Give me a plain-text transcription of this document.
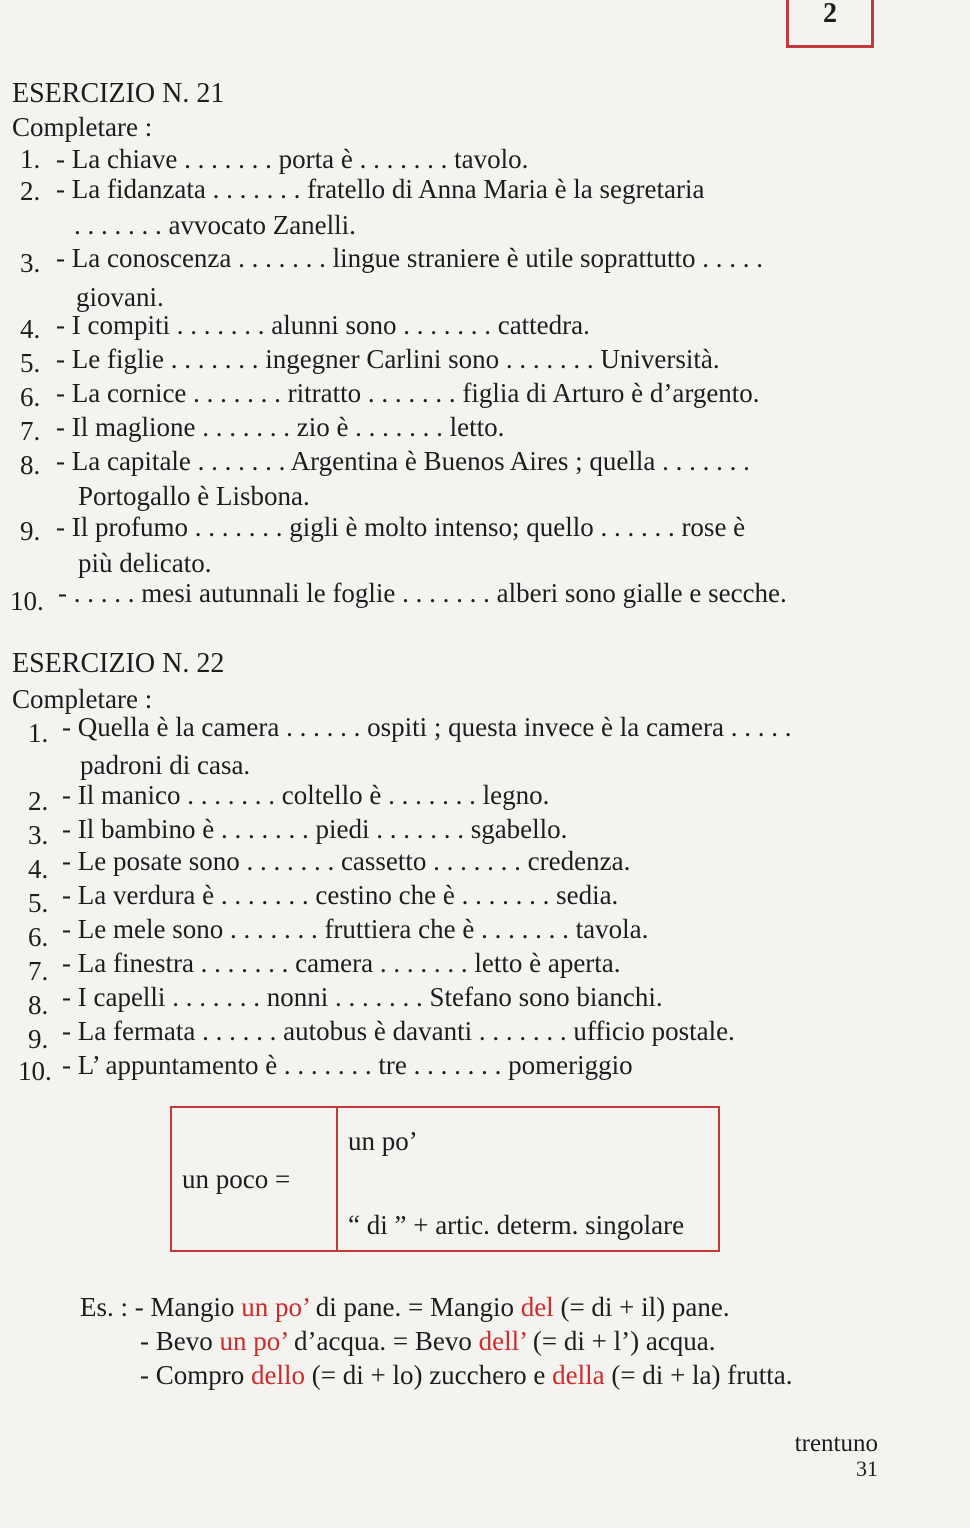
2
ESERCIZIO N. 21
Completare :
1. - La chiave . . . . . . . porta è . . . . . . . tavolo.
2. - La fidanzata . . . . . . . fratello di Anna Maria è la segretaria
. . . . . . . avvocato Zanelli.
3. - La conoscenza . . . . . . . lingue straniere è utile soprattutto . . . . .
giovani.
4. - I compiti . . . . . . . alunni sono . . . . . . . cattedra.
5. - Le figlie . . . . . . . ingegner Carlini sono . . . . . . . Università.
6. - La cornice . . . . . . . ritratto . . . . . . . figlia di Arturo è d’argento.
7. - Il maglione . . . . . . . zio è . . . . . . . letto.
8. - La capitale . . . . . . . Argentina è Buenos Aires ; quella . . . . . . .
Portogallo è Lisbona.
9. - Il profumo . . . . . . . gigli è molto intenso; quello . . . . . . rose è
più delicato.
10. - . . . . . mesi autunnali le foglie . . . . . . . alberi sono gialle e secche.
ESERCIZIO N. 22
Completare :
1. - Quella è la camera . . . . . . ospiti ; questa invece è la camera . . . . .
padroni di casa.
2. - Il manico . . . . . . . coltello è . . . . . . . legno.
3. - Il bambino è . . . . . . . piedi . . . . . . . sgabello.
4. - Le posate sono . . . . . . . cassetto . . . . . . . credenza.
5. - La verdura è . . . . . . . cestino che è . . . . . . . sedia.
6. - Le mele sono . . . . . . . fruttiera che è . . . . . . . tavola.
7. - La finestra . . . . . . . camera . . . . . . . letto è aperta.
8. - I capelli . . . . . . . nonni . . . . . . . Stefano sono bianchi.
9. - La fermata . . . . . . autobus è davanti . . . . . . . ufficio postale.
10. - L’ appuntamento è . . . . . . . tre . . . . . . . pomeriggio
un poco =
un po’
“ di ” + artic. determ. singolare
Es. : - Mangio un po’ di pane. = Mangio del (= di + il) pane.
- Bevo un po’ d’acqua. = Bevo dell’ (= di + l’) acqua.
- Compro dello (= di + lo) zucchero e della (= di + la) frutta.
trentuno
31
